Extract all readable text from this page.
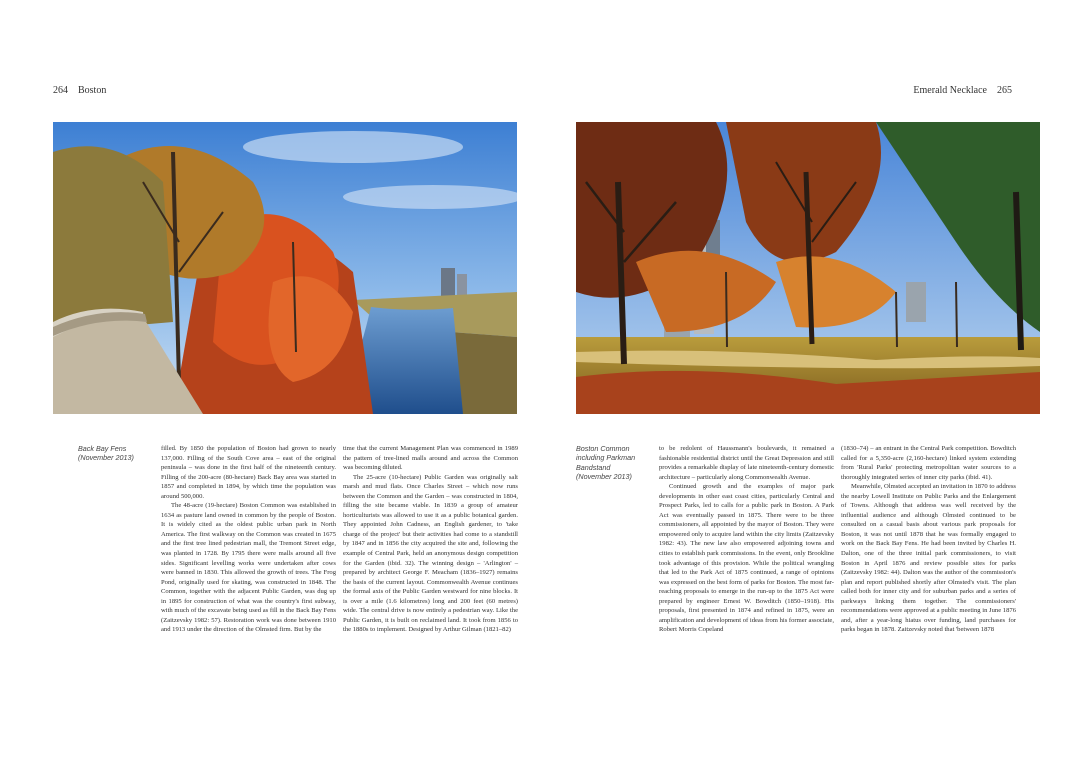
264 Boston	Emerald Necklace 265
Back Bay Fens (November 2013)
Boston Common including Parkman Bandstand (November 2013)

filled. By 1850 the population of Boston had grown to nearly 137,000. Filling of the South Cove area – east of the original peninsula – was done in the first half of the nineteenth century. Filling of the 200-acre (80-hectare) Back Bay area was started in 1857 and completed in 1894, by which time the population was around 500,000.

The 48-acre (19-hectare) Boston Common was established in 1634 as pasture land owned in common by the people of Boston. It is widely cited as the oldest public urban park in North America. The first walkway on the Common was created in 1675 and the first tree lined pedestrian mall, the Tremont Street edge, was planted in 1728. By 1795 there were malls around all five sides. Significant levelling works were undertaken after cows were banned in 1830. This allowed the growth of trees. The Frog Pond, originally used for skating, was constructed in 1848. The Common, together with the adjacent Public Garden, was dug up in 1895 for construction of what was the country's first subway, with much of the excavate being used as fill in the Back Bay Fens (Zaitzevsky 1982: 57). Restoration work was done between 1910 and 1913 under the direction of the Olmsted firm. But by the

time that the current Management Plan was commenced in 1989 the pattern of tree-lined malls around and across the Common was becoming diluted.

The 25-acre (10-hectare) Public Garden was originally salt marsh and mud flats. Once Charles Street – which now runs between the Common and the Garden – was constructed in 1804, filling the site became viable. In 1839 a group of amateur horticulturists was allowed to use it as a public botanical garden. They appointed John Cadness, an English gardener, to 'take charge of the project' but their activities had come to a standstill by 1847 and in 1856 the city acquired the site and, following the example of Central Park, held an anonymous design competition for the Garden (ibid. 32). The winning design – 'Arlington' – prepared by architect George F. Meacham (1836–1927) remains the basis of the current layout. Commonwealth Avenue continues the formal axis of the Public Garden westward for nine blocks. It is over a mile (1.6 kilometres) long and 200 feet (60 metres) wide. The central drive is now entirely a pedestrian way. Like the Public Garden, it is built on reclaimed land. It took from 1856 to the 1880s to implement. Designed by Arthur Gilman (1821–82)

to be redolent of Haussmann's boulevards, it remained a fashionable residential district until the Great Depression and still provides a remarkable display of late nineteenth-century domestic architecture – particularly along Commonwealth Avenue.

Continued growth and the examples of major park developments in other east coast cities, particularly Central and Prospect Parks, led to calls for a public park in Boston. A Park Act was eventually passed in 1875. There were to be three commissioners, all appointed by the mayor of Boston. They were empowered only to acquire land within the city limits (Zaitzevsky 1982: 43). The new law also empowered adjoining towns and cities to establish park commissions. In the event, only Brookline took advantage of this provision. While the political wrangling that led to the Park Act of 1875 continued, a range of opinions was expressed on the best form of parks for Boston. The most far-reaching proposals to emerge in the run-up to the 1875 Act were prepared by engineer Ernest W. Bowditch (1850–1918). His proposals, first presented in 1874 and refined in 1875, were an amplification and development of ideas from his former associate, Robert Morris Copeland

(1830–74) – an entrant in the Central Park competition. Bowditch called for a 5,350-acre (2,160-hectare) linked system extending from 'Rural Parks' protecting metropolitan water sources to a thoroughly integrated series of inner city parks (ibid. 41).

Meanwhile, Olmsted accepted an invitation in 1870 to address the nearby Lowell Institute on Public Parks and the Enlargement of Towns. Although that address was well received by the influential audience and although Olmsted continued to be consulted on a casual basis about various park proposals for Boston, it was not until 1878 that he was formally engaged to work on the Back Bay Fens. He had been invited by Charles H. Dalton, one of the three initial park commissioners, to visit Boston in April 1876 and review possible sites for parks (Zaitzevsky 1982: 44). Dalton was the author of the commission's plan and report published shortly after Olmsted's visit. The plan called both for inner city and for suburban parks and a series of parkways linking them together. The commissioners' recommendations were approved at a public meeting in June 1876 and, after a year-long hiatus over funding, land purchases for parks began in 1878. Zaitzevsky noted that 'between 1878
